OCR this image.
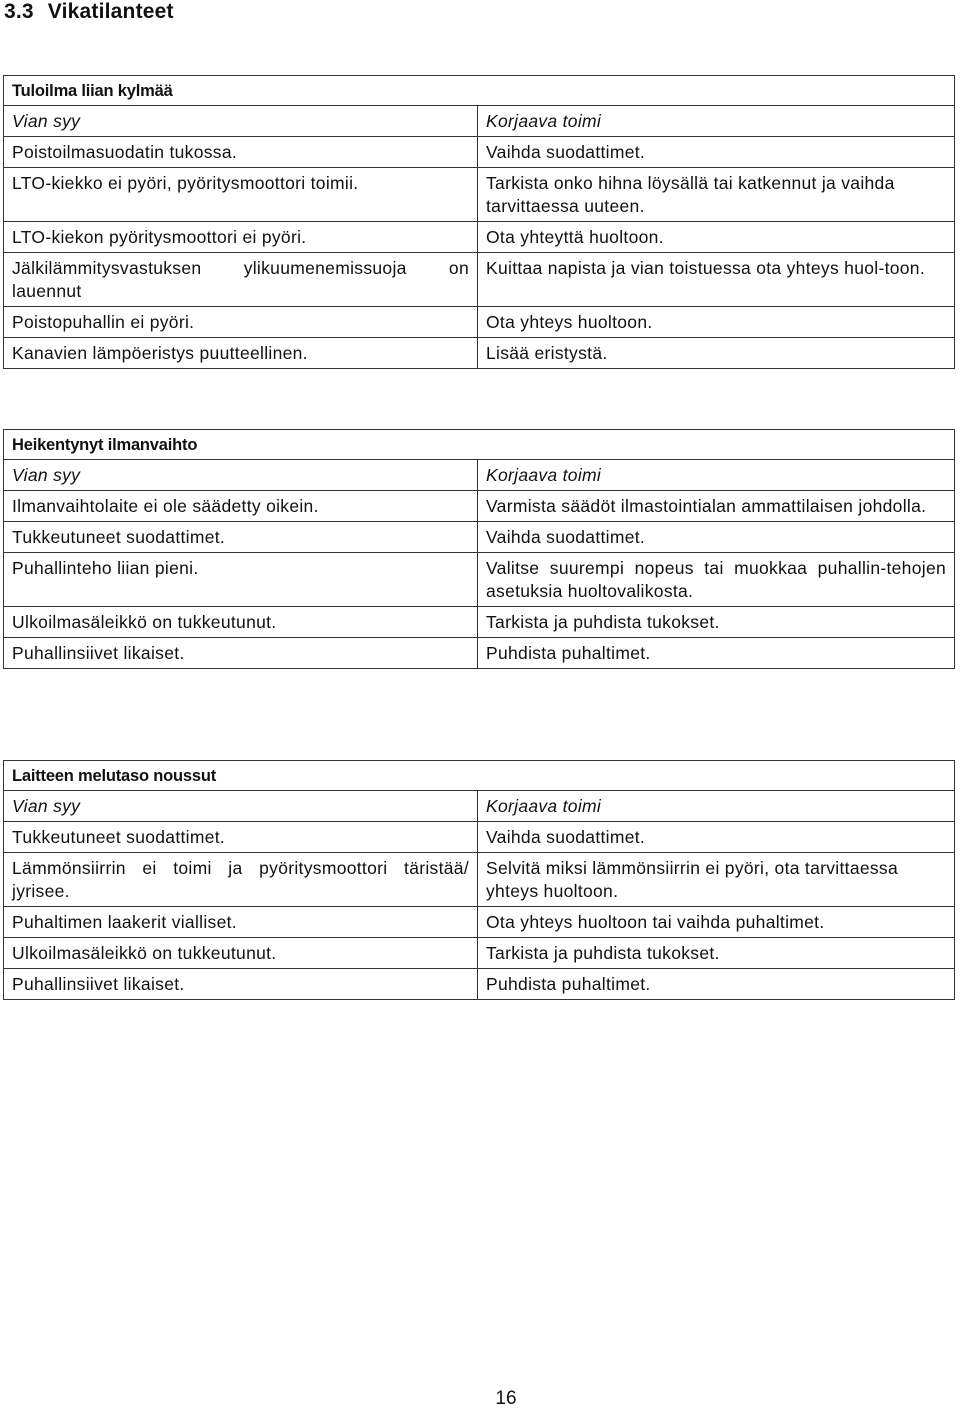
3.3 Vikatilanteet
Tuloilma liian kylmää	
Vian syy	Korjaava toimi
Poistoilmasuodatin tukossa.	Vaihda suodattimet.
LTO-kiekko ei pyöri, pyöritysmoottori toimii.	Tarkista onko hihna löysällä tai katkennut ja vaihda tarvittaessa uuteen.
LTO-kiekon pyöritysmoottori ei pyöri.	Ota yhteyttä huoltoon.
Jälkilämmitysvastuksen ylikuumenemissuoja on lauennut	Kuittaa napista ja vian toistuessa ota yhteys huol-toon.
Poistopuhallin ei pyöri.	Ota yhteys huoltoon.
Kanavien lämpöeristys puutteellinen.	Lisää eristystä.
Heikentynyt ilmanvaihto	
Vian syy	Korjaava toimi
Ilmanvaihtolaite ei ole säädetty oikein.	Varmista säädöt ilmastointialan ammattilaisen johdolla.
Tukkeutuneet suodattimet.	Vaihda suodattimet.
Puhallinteho liian pieni.	Valitse suurempi nopeus tai muokkaa puhallin-tehojen asetuksia huoltovalikosta.
Ulkoilmasäleikkö on tukkeutunut.	Tarkista ja puhdista tukokset.
Puhallinsiivet likaiset.	Puhdista puhaltimet.
Laitteen melutaso noussut	
Vian syy	Korjaava toimi
Tukkeutuneet suodattimet.	Vaihda suodattimet.
Lämmönsiirrin ei toimi ja pyöritysmoottori täristää/ jyrisee.	Selvitä miksi lämmönsiirrin ei pyöri, ota tarvittaessa yhteys huoltoon.
Puhaltimen laakerit vialliset.	Ota yhteys huoltoon tai vaihda puhaltimet.
Ulkoilmasäleikkö on tukkeutunut.	Tarkista ja puhdista tukokset.
Puhallinsiivet likaiset.	Puhdista puhaltimet.
16
